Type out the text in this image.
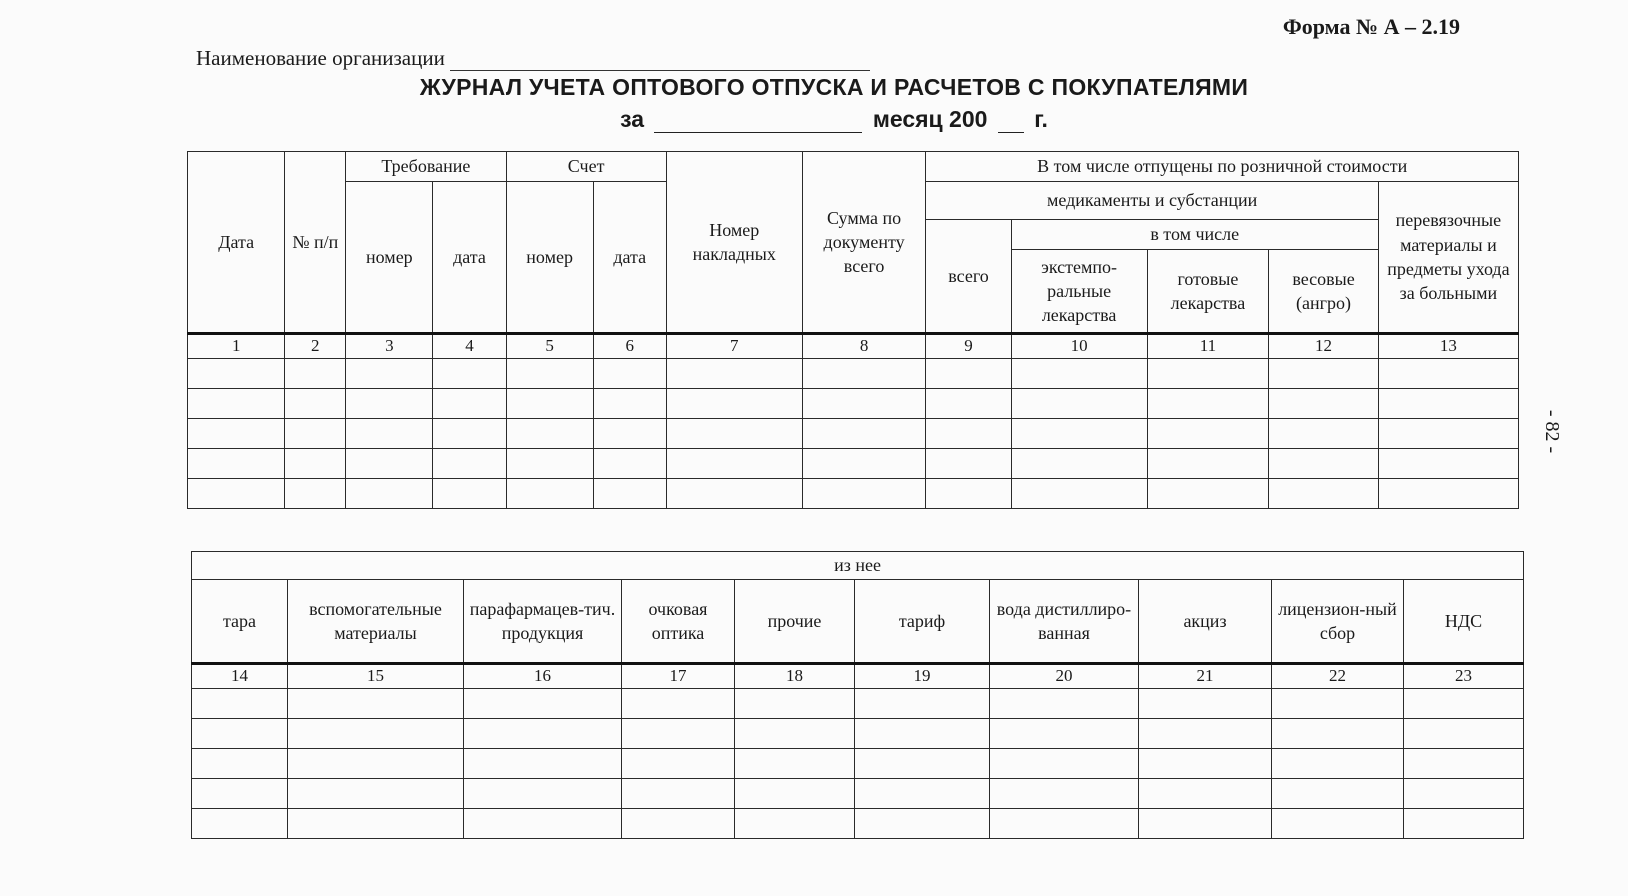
Форма № А – 2.19
Наименование организации
ЖУРНАЛ УЧЕТА ОПТОВОГО ОТПУСКА И РАСЧЕТОВ С ПОКУПАТЕЛЯМИ
за	месяц 200 г.
Дата	№ п/п	Требование		Счет		Номер накладных	Сумма по документу всего	В том числе отпущены по розничной стоимости				
		номер	дата	номер	дата			медикаменты и субстанции				перевязочные материалы и предметы ухода за больными
								всего	в том числе			
									экстемпо-ральные лекарства	готовые лекарства	весовые (ангро)	
1	2	3	4	5	6	7	8	9	10	11	12	13

из нее									
тара	вспомогательные материалы	парафармацев-тич. продукция	очковая оптика	прочие	тариф	вода дистиллиро-ванная	акциз	лицензион-ный сбор	НДС
14	15	16	17	18	19	20	21	22	23

- 82 -
